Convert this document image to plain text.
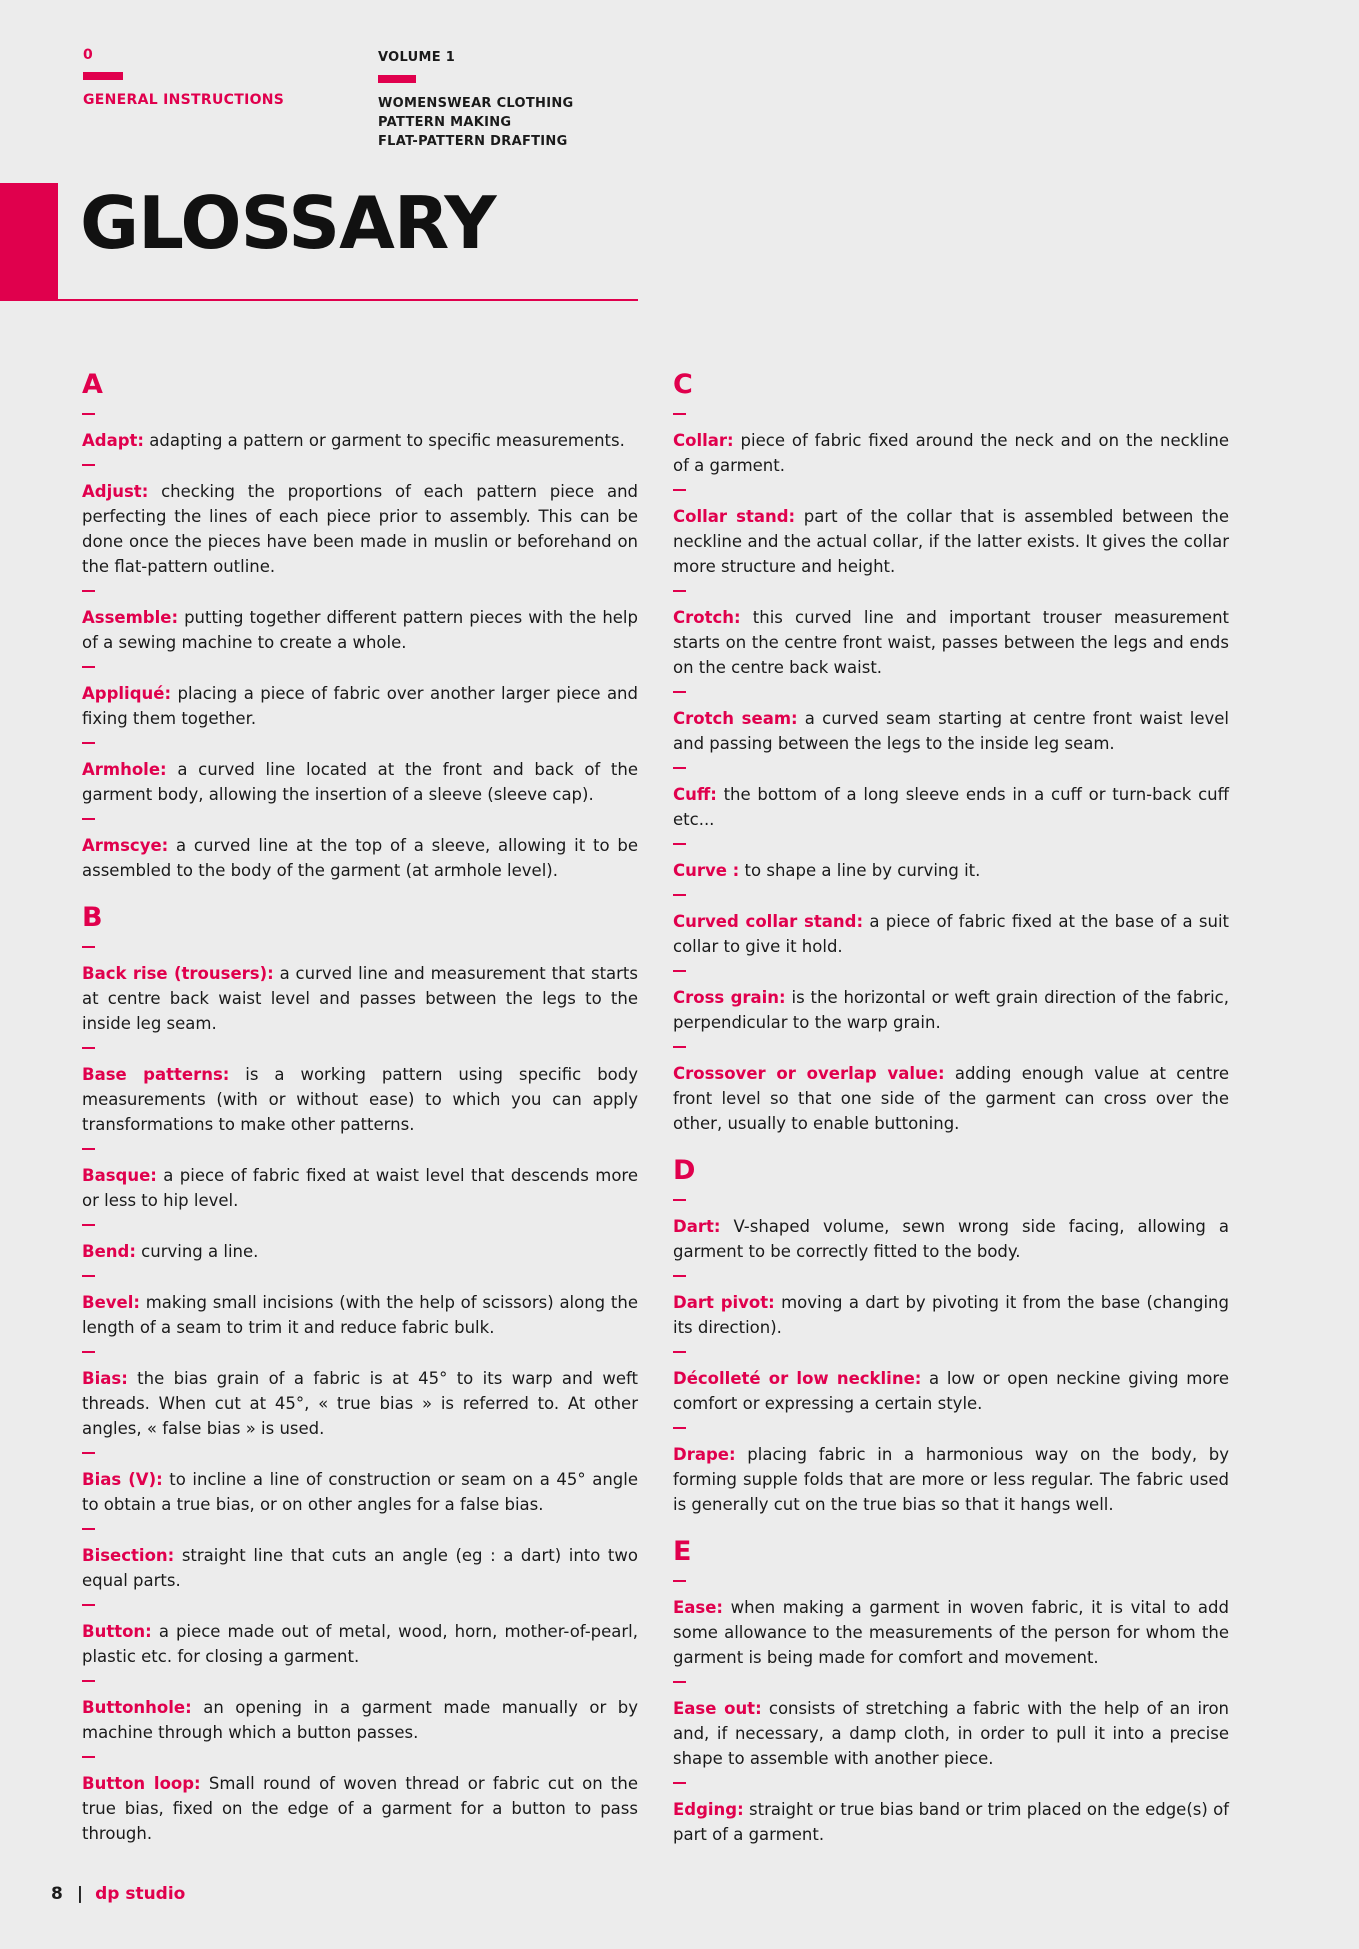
0
GENERAL INSTRUCTIONS
VOLUME 1
WOMENSWEAR CLOTHING
PATTERN MAKING
FLAT-PATTERN DRAFTING
GLOSSARY
A
Adapt: adapting a pattern or garment to specific measurements.
Adjust: checking the proportions of each pattern piece and perfecting the lines of each piece prior to assembly. This can be done once the pieces have been made in muslin or beforehand on the flat-pattern outline.
Assemble: putting together different pattern pieces with the help of a sewing machine to create a whole.
Appliqué: placing a piece of fabric over another larger piece and fixing them together.
Armhole: a curved line located at the front and back of the garment body, allowing the insertion of a sleeve (sleeve cap).
Armscye: a curved line at the top of a sleeve, allowing it to be assembled to the body of the garment (at armhole level).
B
Back rise (trousers): a curved line and measurement that starts at centre back waist level and passes between the legs to the inside leg seam.
Base patterns: is a working pattern using specific body measurements (with or without ease) to which you can apply transformations to make other patterns.
Basque: a piece of fabric fixed at waist level that descends more or less to hip level.
Bend: curving a line.
Bevel: making small incisions (with the help of scissors) along the length of a seam to trim it and reduce fabric bulk.
Bias: the bias grain of a fabric is at 45° to its warp and weft threads. When cut at 45°, « true bias » is referred to. At other angles, « false bias » is used.
Bias (V): to incline a line of construction or seam on a 45° angle to obtain a true bias, or on other angles for a false bias.
Bisection: straight line that cuts an angle (eg : a dart) into two equal parts.
Button: a piece made out of metal, wood, horn, mother-of-pearl, plastic etc. for closing a garment.
Buttonhole: an opening in a garment made manually or by machine through which a button passes.
Button loop: Small round of woven thread or fabric cut on the true bias, fixed on the edge of a garment for a button to pass through.
C
Collar: piece of fabric fixed around the neck and on the neckline of a garment.
Collar stand: part of the collar that is assembled between the neckline and the actual collar, if the latter exists. It gives the collar more structure and height.
Crotch: this curved line and important trouser measurement starts on the centre front waist, passes between the legs and ends on the centre back waist.
Crotch seam: a curved seam starting at centre front waist level and passing between the legs to the inside leg seam.
Cuff: the bottom of a long sleeve ends in a cuff or turn-back cuff etc...
Curve : to shape a line by curving it.
Curved collar stand: a piece of fabric fixed at the base of a suit collar to give it hold.
Cross grain: is the horizontal or weft grain direction of the fabric, perpendicular to the warp grain.
Crossover or overlap value: adding enough value at centre front level so that one side of the garment can cross over the other, usually to enable buttoning.
D
Dart: V-shaped volume, sewn wrong side facing, allowing a garment to be correctly fitted to the body.
Dart pivot: moving a dart by pivoting it from the base (changing its direction).
Décolleté or low neckline: a low or open neckine giving more comfort or expressing a certain style.
Drape: placing fabric in a harmonious way on the body, by forming supple folds that are more or less regular. The fabric used is generally cut on the true bias so that it hangs well.
E
Ease: when making a garment in woven fabric, it is vital to add some allowance to the measurements of the person for whom the garment is being made for comfort and movement.
Ease out: consists of stretching a fabric with the help of an iron and, if necessary, a damp cloth, in order to pull it into a precise shape to assemble with another piece.
Edging: straight or true bias band or trim placed on the edge(s) of part of a garment.
8 | dp studio
